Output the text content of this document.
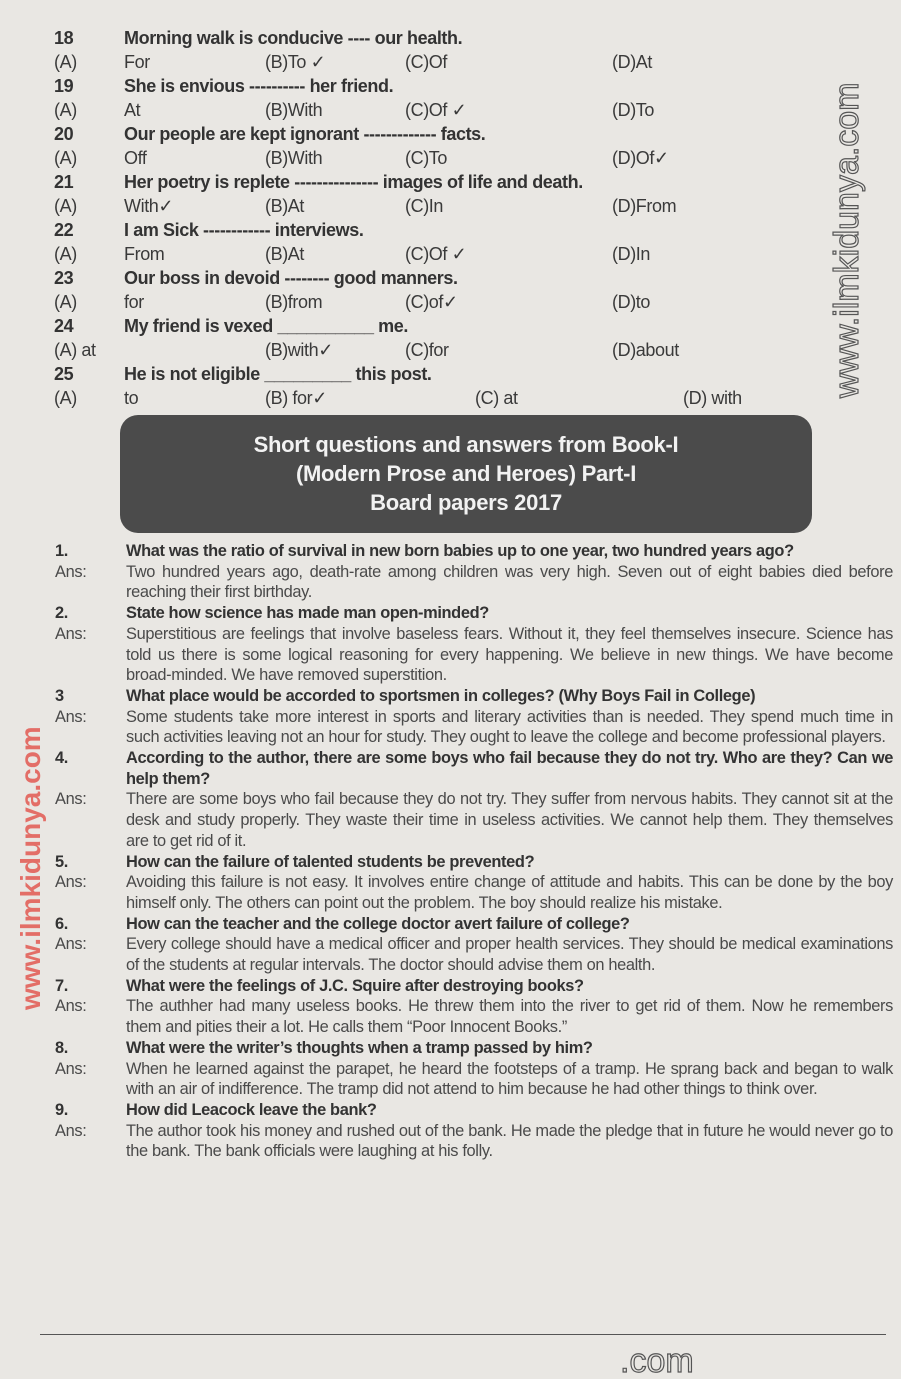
18	Morning walk is conducive ---- our health.
(A)	For	(B)To ✓	(C)Of	(D)At
19	She is envious ---------- her friend.
(A)	At	(B)With	(C)Of ✓	(D)To
20	Our people are kept ignorant ------------- facts.
(A)	Off	(B)With	(C)To	(D)Of✓
21	Her poetry is replete --------------- images of life and death.
(A)	With✓	(B)At	(C)In	(D)From
22	I am Sick ------------ interviews.
(A)	From	(B)At	(C)Of ✓	(D)In
23	Our boss in devoid -------- good manners.
(A)	for	(B)from	(C)of✓	(D)to
24	My friend is vexed __________ me.
(A) at	(B)with✓	(C)for	(D)about
25	He is not eligible _________ this post.
(A)	to	(B) for✓	(C) at	(D) with
Short questions and answers from Book-I
(Modern Prose and Heroes) Part-I
Board papers 2017
1.	What was the ratio of survival in new born babies up to one year, two hundred years ago?
Ans: Two hundred years ago, death-rate among children was very high. Seven out of eight babies died before reaching their first birthday.
2.	State how science has made man open-minded?
Ans: Superstitious are feelings that involve baseless fears. Without it, they feel themselves insecure. Science has told us there is some logical reasoning for every happening. We believe in new things. We have become broad-minded. We have removed superstition.
3	What place would be accorded to sportsmen in colleges? (Why Boys Fail in College)
Ans: Some students take more interest in sports and literary activities than is needed. They spend much time in such activities leaving not an hour for study. They ought to leave the college and become professional players.
4.	According to the author, there are some boys who fail because they do not try. Who are they? Can we help them?
Ans: There are some boys who fail because they do not try. They suffer from nervous habits. They cannot sit at the desk and study properly. They waste their time in useless activities. We cannot help them. They themselves are to get rid of it.
5.	How can the failure of talented students be prevented?
Ans: Avoiding this failure is not easy. It involves entire change of attitude and habits. This can be done by the boy himself only. The others can point out the problem. The boy should realize his mistake.
6.	How can the teacher and the college doctor avert failure of college?
Ans: Every college should have a medical officer and proper health services. They should be medical examinations of the students at regular intervals. The doctor should advise them on health.
7.	What were the feelings of J.C. Squire after destroying books?
Ans: The authher had many useless books. He threw them into the river to get rid of them. Now he remembers them and pities their a lot. He calls them “Poor Innocent Books.”
8.	What were the writer’s thoughts when a tramp passed by him?
Ans: When he learned against the parapet, he heard the footsteps of a tramp. He sprang back and began to walk with an air of indifference. The tramp did not attend to him because he had other things to think over.
9.	How did Leacock leave the bank?
Ans: The author took his money and rushed out of the bank. He made the pledge that in future he would never go to the bank. The bank officials were laughing at his folly.
www.ilmkidunya.com
www.ilmkidunya.com
.com
